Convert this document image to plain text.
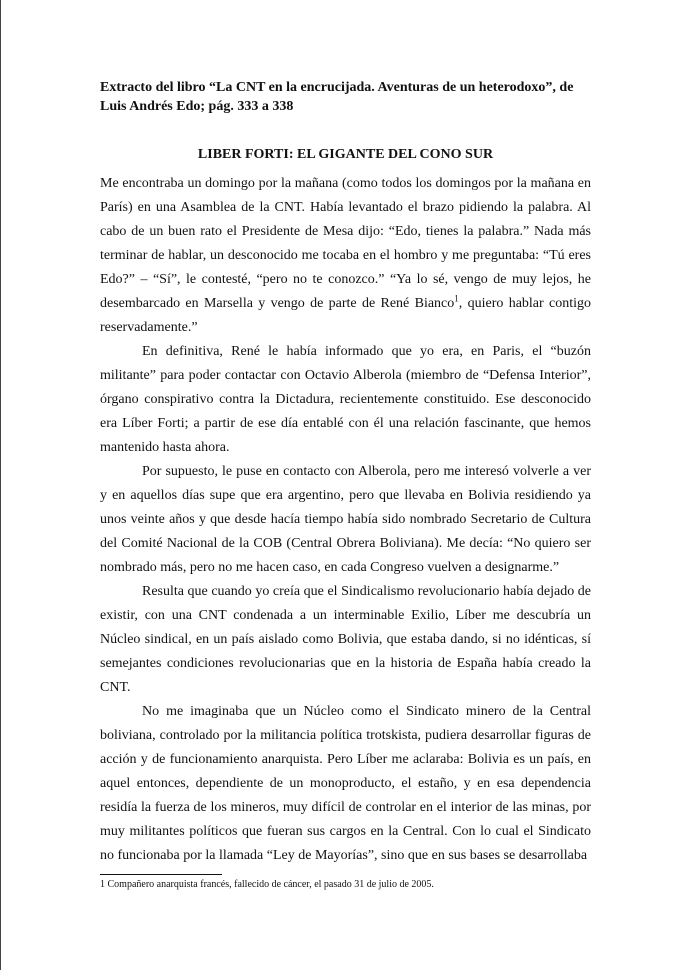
Extracto del libro “La CNT en la encrucijada. Aventuras de un heterodoxo”, de Luis Andrés Edo; pág. 333 a 338

LIBER FORTI: EL GIGANTE DEL CONO SUR

Me encontraba un domingo por la mañana (como todos los domingos por la mañana en París) en una Asamblea de la CNT. Había levantado el brazo pidiendo la palabra. Al cabo de un buen rato el Presidente de Mesa dijo: “Edo, tienes la palabra.” Nada más terminar de hablar, un desconocido me tocaba en el hombro y me preguntaba: “Tú eres Edo?” – “Sí”, le contesté, “pero no te conozco.” “Ya lo sé, vengo de muy lejos, he desembarcado en Marsella y vengo de parte de René Bianco$^1$, quiero hablar contigo reservadamente.”

En definitiva, René le había informado que yo era, en Paris, el “buzón militante” para poder contactar con Octavio Alberola (miembro de “Defensa Interior”, órgano conspirativo contra la Dictadura, recientemente constituido. Ese desconocido era Líber Forti; a partir de ese día entablé con él una relación fascinante, que hemos mantenido hasta ahora.

Por supuesto, le puse en contacto con Alberola, pero me interesó volverle a ver y en aquellos días supe que era argentino, pero que llevaba en Bolivia residiendo ya unos veinte años y que desde hacía tiempo había sido nombrado Secretario de Cultura del Comité Nacional de la COB (Central Obrera Boliviana). Me decía: “No quiero ser nombrado más, pero no me hacen caso, en cada Congreso vuelven a designarme.”

Resulta que cuando yo creía que el Sindicalismo revolucionario había dejado de existir, con una CNT condenada a un interminable Exilio, Líber me descubría un Núcleo sindical, en un país aislado como Bolivia, que estaba dando, si no idénticas, sí semejantes condiciones revolucionarias que en la historia de España había creado la CNT.

No me imaginaba que un Núcleo como el Sindicato minero de la Central boliviana, controlado por la militancia política trotskista, pudiera desarrollar figuras de acción y de funcionamiento anarquista. Pero Líber me aclaraba: Bolivia es un país, en aquel entonces, dependiente de un monoproducto, el estaño, y en esa dependencia residía la fuerza de los mineros, muy difícil de controlar en el interior de las minas, por muy militantes políticos que fueran sus cargos en la Central. Con lo cual el Sindicato no funcionaba por la llamada “Ley de Mayorías”, sino que en sus bases se desarrollaba

1 Compañero anarquista francés, fallecido de cáncer, el pasado 31 de julio de 2005.
